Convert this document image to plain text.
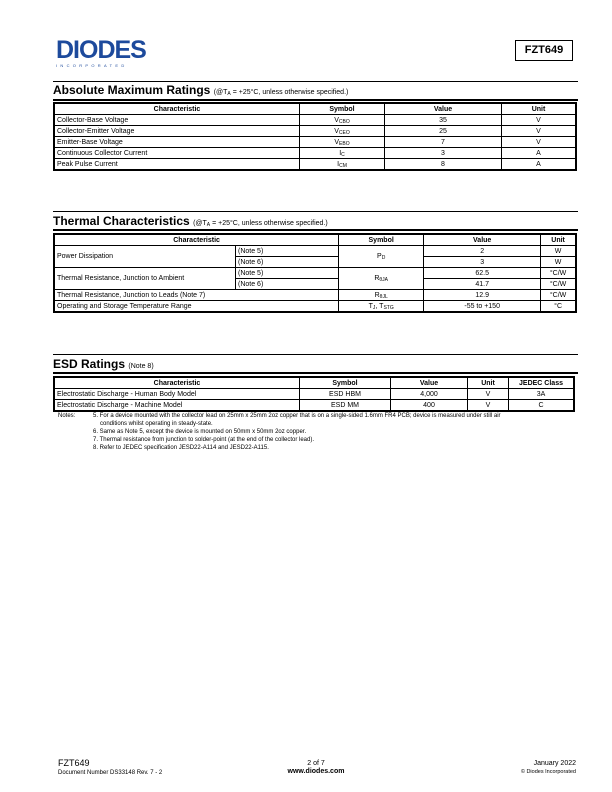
DIODES
INCORPORATED
FZT649
Absolute Maximum Ratings ($@T_A = +25^\circ C$, unless otherwise specified.)
Characteristic	Symbol	Value	Unit
Collector-Base Voltage	$V_{CBO}$	35	V
Collector-Emitter Voltage	$V_{CEO}$	25	V
Emitter-Base Voltage	$V_{EBO}$	7	V
Continuous Collector Current	$I_C$	3	A
Peak Pulse Current	$I_{CM}$	8	A
Thermal Characteristics ($@T_A = +25^\circ C$, unless otherwise specified.)
Characteristic		Symbol	Value	Unit
Power Dissipation	(Note 5)	$P_D$	2	W
	(Note 6)		3	W
Thermal Resistance, Junction to Ambient	(Note 5)	$R_{\theta JA}$	62.5	°C/W
	(Note 6)		41.7	°C/W
Thermal Resistance, Junction to Leads (Note 7)		$R_{\theta JL}$	12.9	°C/W
Operating and Storage Temperature Range		$T_J$, $T_{STG}$	-55 to +150	°C
ESD Ratings (Note 8)
Characteristic	Symbol	Value	Unit	JEDEC Class
Electrostatic Discharge - Human Body Model	ESD HBM	4,000	V	3A
Electrostatic Discharge - Machine Model	ESD MM	400	V	C
Notes:	5. For a device mounted with the collector lead on 25mm x 25mm 2oz copper that is on a single-sided 1.6mm FR4 PCB; device is measured under still air
conditions whilst operating in steady-state.
6. Same as Note 5, except the device is mounted on 50mm x 50mm 2oz copper.
7. Thermal resistance from junction to solder-point (at the end of the collector lead).
8. Refer to JEDEC specification JESD22-A114 and JESD22-A115.
FZT649
Document Number DS33148 Rev. 7 - 2
2 of 7
www.diodes.com
January 2022
© Diodes Incorporated
